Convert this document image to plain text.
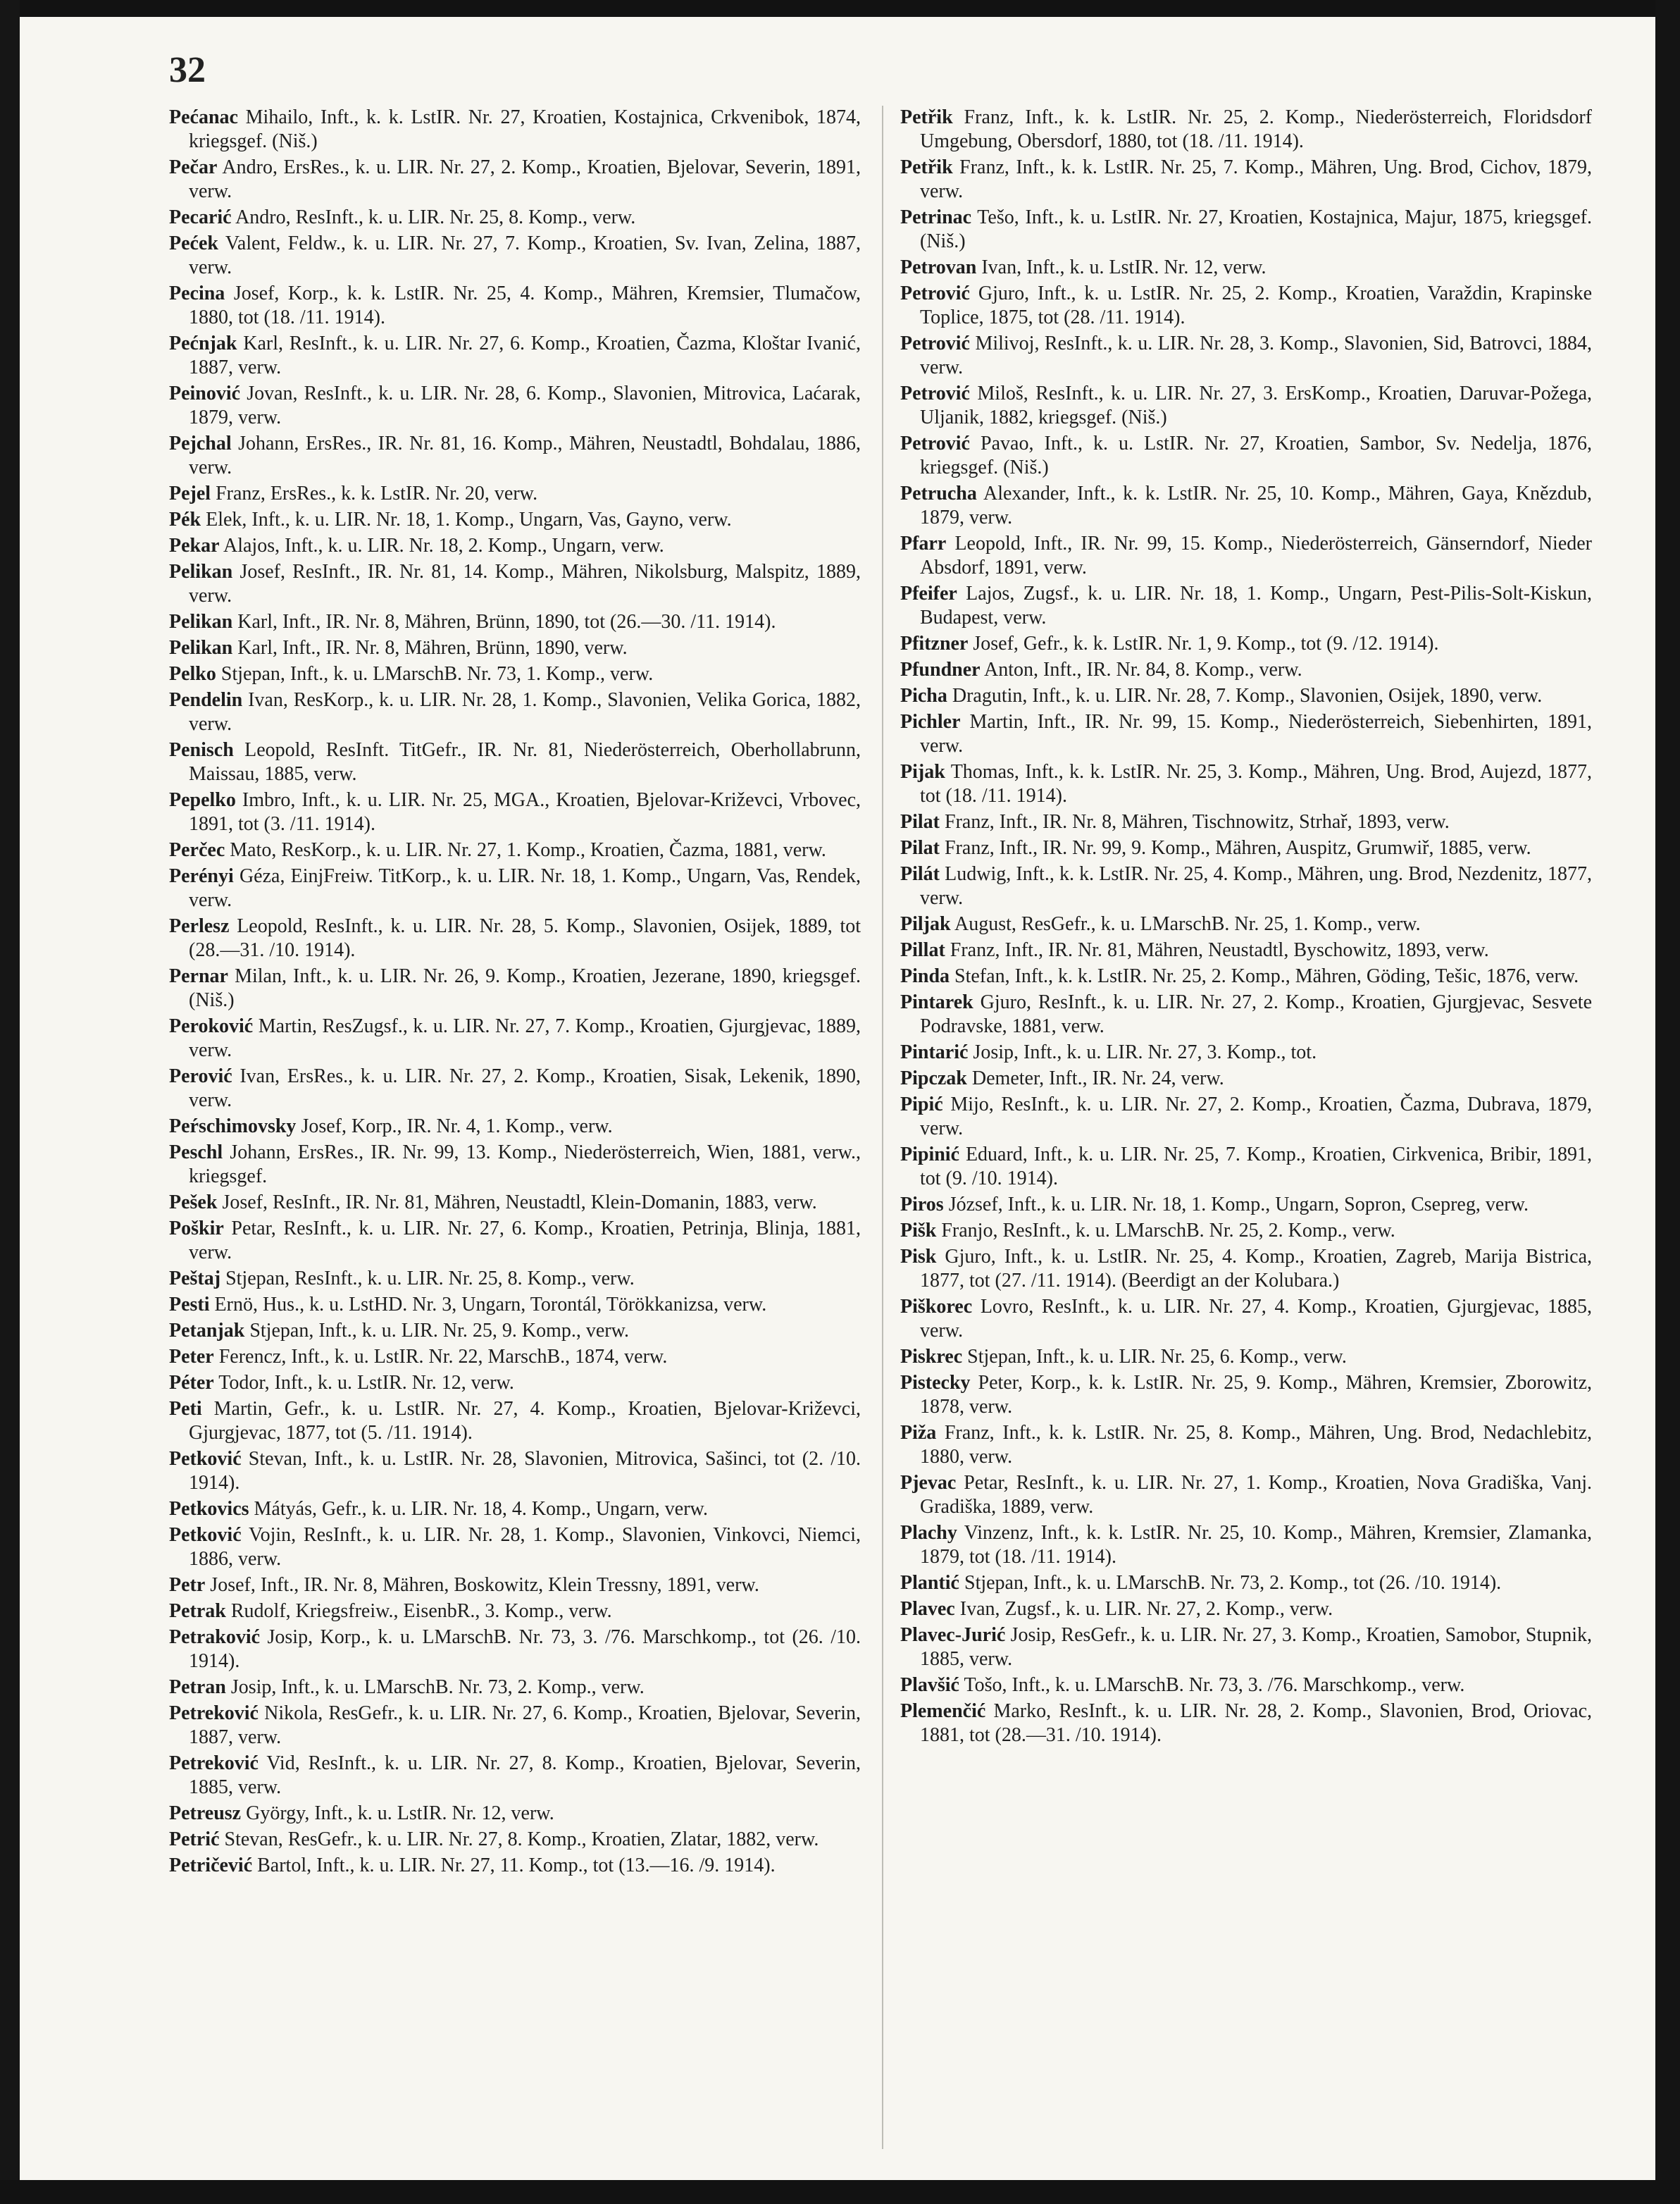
32

Pećanac Mihailo, Inft., k. k. LstIR. Nr. 27, Kroatien, Kostajnica, Crkvenibok, 1874, kriegsgef. (Niš.)

Pečar Andro, ErsRes., k. u. LIR. Nr. 27, 2. Komp., Kroatien, Bjelovar, Severin, 1891, verw.

Pecarić Andro, ResInft., k. u. LIR. Nr. 25, 8. Komp., verw.

Pećek Valent, Feldw., k. u. LIR. Nr. 27, 7. Komp., Kroatien, Sv. Ivan, Zelina, 1887, verw.

Pecina Josef, Korp., k. k. LstIR. Nr. 25, 4. Komp., Mähren, Kremsier, Tlumačow, 1880, tot (18. /11. 1914).

Pećnjak Karl, ResInft., k. u. LIR. Nr. 27, 6. Komp., Kroatien, Čazma, Kloštar Ivanić, 1887, verw.

Peinović Jovan, ResInft., k. u. LIR. Nr. 28, 6. Komp., Slavonien, Mitrovica, Laćarak, 1879, verw.

Pejchal Johann, ErsRes., IR. Nr. 81, 16. Komp., Mähren, Neustadtl, Bohdalau, 1886, verw.

Pejel Franz, ErsRes., k. k. LstIR. Nr. 20, verw.

Pék Elek, Inft., k. u. LIR. Nr. 18, 1. Komp., Ungarn, Vas, Gayno, verw.

Pekar Alajos, Inft., k. u. LIR. Nr. 18, 2. Komp., Ungarn, verw.

Pelikan Josef, ResInft., IR. Nr. 81, 14. Komp., Mähren, Nikolsburg, Malspitz, 1889, verw.

Pelikan Karl, Inft., IR. Nr. 8, Mähren, Brünn, 1890, tot (26.—30. /11. 1914).

Pelikan Karl, Inft., IR. Nr. 8, Mähren, Brünn, 1890, verw.

Pelko Stjepan, Inft., k. u. LMarschB. Nr. 73, 1. Komp., verw.

Pendelin Ivan, ResKorp., k. u. LIR. Nr. 28, 1. Komp., Slavonien, Velika Gorica, 1882, verw.

Penisch Leopold, ResInft. TitGefr., IR. Nr. 81, Niederösterreich, Oberhollabrunn, Maissau, 1885, verw.

Pepelko Imbro, Inft., k. u. LIR. Nr. 25, MGA., Kroatien, Bjelovar-Križevci, Vrbovec, 1891, tot (3. /11. 1914).

Perčec Mato, ResKorp., k. u. LIR. Nr. 27, 1. Komp., Kroatien, Čazma, 1881, verw.

Perényi Géza, EinjFreiw. TitKorp., k. u. LIR. Nr. 18, 1. Komp., Ungarn, Vas, Rendek, verw.

Perlesz Leopold, ResInft., k. u. LIR. Nr. 28, 5. Komp., Slavonien, Osijek, 1889, tot (28.—31. /10. 1914).

Pernar Milan, Inft., k. u. LIR. Nr. 26, 9. Komp., Kroatien, Jezerane, 1890, kriegsgef. (Niš.)

Peroković Martin, ResZugsf., k. u. LIR. Nr. 27, 7. Komp., Kroatien, Gjurgjevac, 1889, verw.

Perović Ivan, ErsRes., k. u. LIR. Nr. 27, 2. Komp., Kroatien, Sisak, Lekenik, 1890, verw.

Peŕschimovsky Josef, Korp., IR. Nr. 4, 1. Komp., verw.

Peschl Johann, ErsRes., IR. Nr. 99, 13. Komp., Niederösterreich, Wien, 1881, verw., kriegsgef.

Pešek Josef, ResInft., IR. Nr. 81, Mähren, Neustadtl, Klein-Domanin, 1883, verw.

Poškir Petar, ResInft., k. u. LIR. Nr. 27, 6. Komp., Kroatien, Petrinja, Blinja, 1881, verw.

Peštaj Stjepan, ResInft., k. u. LIR. Nr. 25, 8. Komp., verw.

Pesti Ernö, Hus., k. u. LstHD. Nr. 3, Ungarn, Torontál, Törökkanizsa, verw.

Petanjak Stjepan, Inft., k. u. LIR. Nr. 25, 9. Komp., verw.

Peter Ferencz, Inft., k. u. LstIR. Nr. 22, MarschB., 1874, verw.

Péter Todor, Inft., k. u. LstIR. Nr. 12, verw.

Peti Martin, Gefr., k. u. LstIR. Nr. 27, 4. Komp., Kroatien, Bjelovar-Križevci, Gjurgjevac, 1877, tot (5. /11. 1914).

Petković Stevan, Inft., k. u. LstIR. Nr. 28, Slavonien, Mitrovica, Sašinci, tot (2. /10. 1914).

Petkovics Mátyás, Gefr., k. u. LIR. Nr. 18, 4. Komp., Ungarn, verw.

Petković Vojin, ResInft., k. u. LIR. Nr. 28, 1. Komp., Slavonien, Vinkovci, Niemci, 1886, verw.

Petr Josef, Inft., IR. Nr. 8, Mähren, Boskowitz, Klein Tressny, 1891, verw.

Petrak Rudolf, Kriegsfreiw., EisenbR., 3. Komp., verw.

Petraković Josip, Korp., k. u. LMarschB. Nr. 73, 3. /76. Marschkomp., tot (26. /10. 1914).

Petran Josip, Inft., k. u. LMarschB. Nr. 73, 2. Komp., verw.

Petreković Nikola, ResGefr., k. u. LIR. Nr. 27, 6. Komp., Kroatien, Bjelovar, Severin, 1887, verw.

Petreković Vid, ResInft., k. u. LIR. Nr. 27, 8. Komp., Kroatien, Bjelovar, Severin, 1885, verw.

Petreusz György, Inft., k. u. LstIR. Nr. 12, verw.

Petrić Stevan, ResGefr., k. u. LIR. Nr. 27, 8. Komp., Kroatien, Zlatar, 1882, verw.

Petričević Bartol, Inft., k. u. LIR. Nr. 27, 11. Komp., tot (13.—16. /9. 1914).

Petřik Franz, Inft., k. k. LstIR. Nr. 25, 2. Komp., Niederösterreich, Floridsdorf Umgebung, Obersdorf, 1880, tot (18. /11. 1914).

Petřik Franz, Inft., k. k. LstIR. Nr. 25, 7. Komp., Mähren, Ung. Brod, Cichov, 1879, verw.

Petrinac Tešo, Inft., k. u. LstIR. Nr. 27, Kroatien, Kostajnica, Majur, 1875, kriegsgef. (Niš.)

Petrovan Ivan, Inft., k. u. LstIR. Nr. 12, verw.

Petrović Gjuro, Inft., k. u. LstIR. Nr. 25, 2. Komp., Kroatien, Varaždin, Krapinske Toplice, 1875, tot (28. /11. 1914).

Petrović Milivoj, ResInft., k. u. LIR. Nr. 28, 3. Komp., Slavonien, Sid, Batrovci, 1884, verw.

Petrović Miloš, ResInft., k. u. LIR. Nr. 27, 3. ErsKomp., Kroatien, Daruvar-Požega, Uljanik, 1882, kriegsgef. (Niš.)

Petrović Pavao, Inft., k. u. LstIR. Nr. 27, Kroatien, Sambor, Sv. Nedelja, 1876, kriegsgef. (Niš.)

Petrucha Alexander, Inft., k. k. LstIR. Nr. 25, 10. Komp., Mähren, Gaya, Knězdub, 1879, verw.

Pfarr Leopold, Inft., IR. Nr. 99, 15. Komp., Niederösterreich, Gänserndorf, Nieder Absdorf, 1891, verw.

Pfeifer Lajos, Zugsf., k. u. LIR. Nr. 18, 1. Komp., Ungarn, Pest-Pilis-Solt-Kiskun, Budapest, verw.

Pfitzner Josef, Gefr., k. k. LstIR. Nr. 1, 9. Komp., tot (9. /12. 1914).

Pfundner Anton, Inft., IR. Nr. 84, 8. Komp., verw.

Picha Dragutin, Inft., k. u. LIR. Nr. 28, 7. Komp., Slavonien, Osijek, 1890, verw.

Pichler Martin, Inft., IR. Nr. 99, 15. Komp., Niederösterreich, Siebenhirten, 1891, verw.

Pijak Thomas, Inft., k. k. LstIR. Nr. 25, 3. Komp., Mähren, Ung. Brod, Aujezd, 1877, tot (18. /11. 1914).

Pilat Franz, Inft., IR. Nr. 8, Mähren, Tischnowitz, Strhař, 1893, verw.

Pilat Franz, Inft., IR. Nr. 99, 9. Komp., Mähren, Auspitz, Grumwiř, 1885, verw.

Pilát Ludwig, Inft., k. k. LstIR. Nr. 25, 4. Komp., Mähren, ung. Brod, Nezdenitz, 1877, verw.

Piljak August, ResGefr., k. u. LMarschB. Nr. 25, 1. Komp., verw.

Pillat Franz, Inft., IR. Nr. 81, Mähren, Neustadtl, Byschowitz, 1893, verw.

Pinda Stefan, Inft., k. k. LstIR. Nr. 25, 2. Komp., Mähren, Göding, Tešic, 1876, verw.

Pintarek Gjuro, ResInft., k. u. LIR. Nr. 27, 2. Komp., Kroatien, Gjurgjevac, Sesvete Podravske, 1881, verw.

Pintarić Josip, Inft., k. u. LIR. Nr. 27, 3. Komp., tot.

Pipczak Demeter, Inft., IR. Nr. 24, verw.

Pipić Mijo, ResInft., k. u. LIR. Nr. 27, 2. Komp., Kroatien, Čazma, Dubrava, 1879, verw.

Pipinić Eduard, Inft., k. u. LIR. Nr. 25, 7. Komp., Kroatien, Cirkvenica, Bribir, 1891, tot (9. /10. 1914).

Piros József, Inft., k. u. LIR. Nr. 18, 1. Komp., Ungarn, Sopron, Csepreg, verw.

Pišk Franjo, ResInft., k. u. LMarschB. Nr. 25, 2. Komp., verw.

Pisk Gjuro, Inft., k. u. LstIR. Nr. 25, 4. Komp., Kroatien, Zagreb, Marija Bistrica, 1877, tot (27. /11. 1914). (Beerdigt an der Kolubara.)

Piškorec Lovro, ResInft., k. u. LIR. Nr. 27, 4. Komp., Kroatien, Gjurgjevac, 1885, verw.

Piskrec Stjepan, Inft., k. u. LIR. Nr. 25, 6. Komp., verw.

Pistecky Peter, Korp., k. k. LstIR. Nr. 25, 9. Komp., Mähren, Kremsier, Zborowitz, 1878, verw.

Piža Franz, Inft., k. k. LstIR. Nr. 25, 8. Komp., Mähren, Ung. Brod, Nedachlebitz, 1880, verw.

Pjevac Petar, ResInft., k. u. LIR. Nr. 27, 1. Komp., Kroatien, Nova Gradiška, Vanj. Gradiška, 1889, verw.

Plachy Vinzenz, Inft., k. k. LstIR. Nr. 25, 10. Komp., Mähren, Kremsier, Zlamanka, 1879, tot (18. /11. 1914).

Plantić Stjepan, Inft., k. u. LMarschB. Nr. 73, 2. Komp., tot (26. /10. 1914).

Plavec Ivan, Zugsf., k. u. LIR. Nr. 27, 2. Komp., verw.

Plavec-Jurić Josip, ResGefr., k. u. LIR. Nr. 27, 3. Komp., Kroatien, Samobor, Stupnik, 1885, verw.

Plavšić Tošo, Inft., k. u. LMarschB. Nr. 73, 3. /76. Marschkomp., verw.

Plemenčić Marko, ResInft., k. u. LIR. Nr. 28, 2. Komp., Slavonien, Brod, Oriovac, 1881, tot (28.—31. /10. 1914).
